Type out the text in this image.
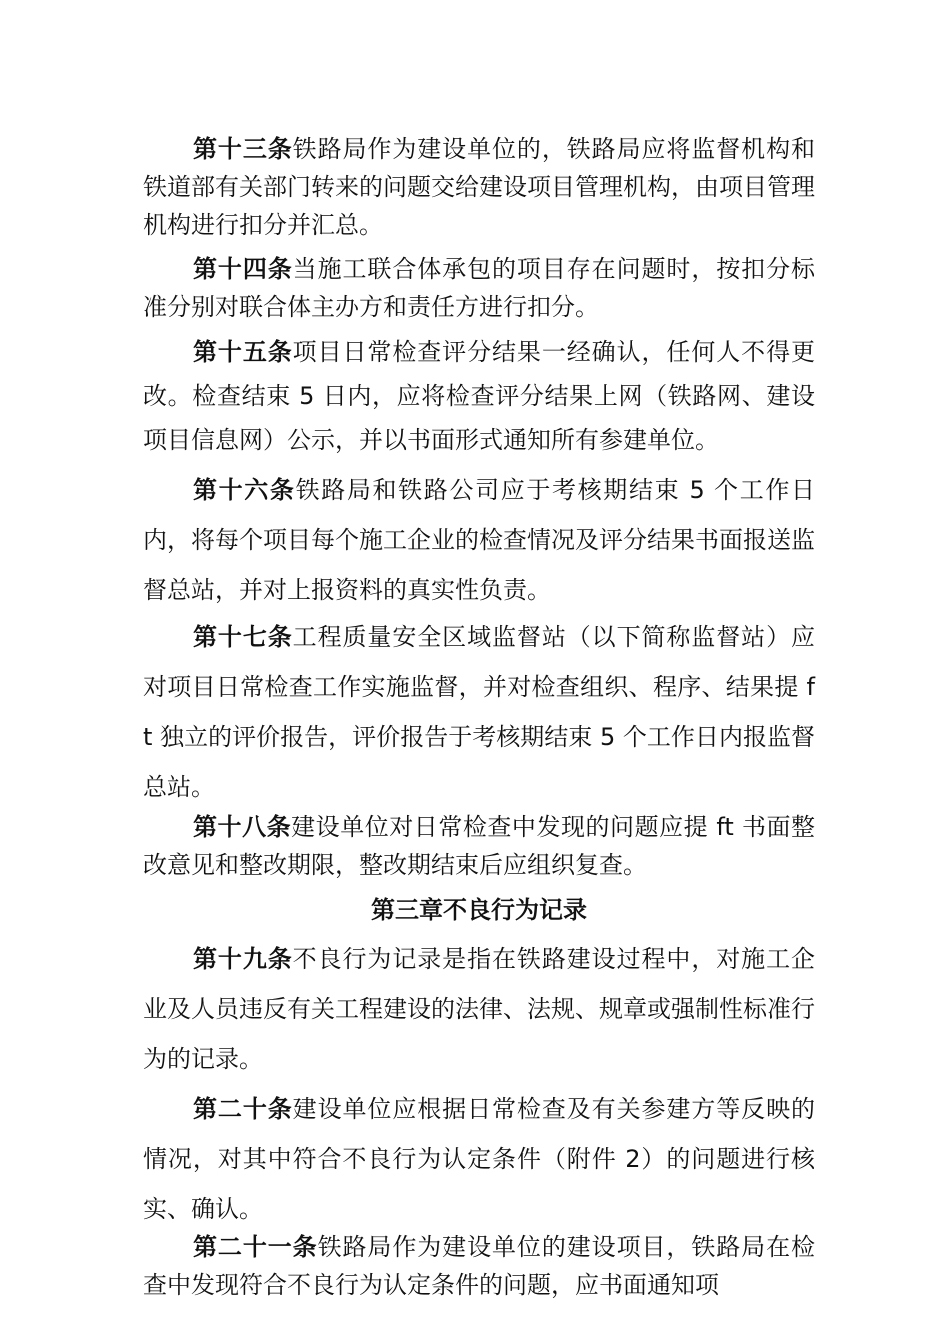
第十三条铁路局作为建设单位的，铁路局应将监督机构和铁道部有关部门转来的问题交给建设项目管理机构，由项目管理机构进行扣分并汇总。

第十四条当施工联合体承包的项目存在问题时，按扣分标准分别对联合体主办方和责任方进行扣分。

第十五条项目日常检查评分结果一经确认，任何人不得更改。检查结束 5 日内，应将检查评分结果上网（铁路网、建设项目信息网）公示，并以书面形式通知所有参建单位。

第十六条铁路局和铁路公司应于考核期结束 5 个工作日内，将每个项目每个施工企业的检查情况及评分结果书面报送监督总站，并对上报资料的真实性负责。

第十七条工程质量安全区域监督站（以下简称监督站）应对项目日常检查工作实施监督，并对检查组织、程序、结果提 ft 独立的评价报告，评价报告于考核期结束 5 个工作日内报监督总站。

第十八条建设单位对日常检查中发现的问题应提 ft 书面整改意见和整改期限，整改期结束后应组织复查。

第三章不良行为记录

第十九条不良行为记录是指在铁路建设过程中，对施工企业及人员违反有关工程建设的法律、法规、规章或强制性标准行为的记录。

第二十条建设单位应根据日常检查及有关参建方等反映的情况，对其中符合不良行为认定条件（附件 2）的问题进行核实、确认。

第二十一条铁路局作为建设单位的建设项目，铁路局在检查中发现符合不良行为认定条件的问题，应书面通知项
